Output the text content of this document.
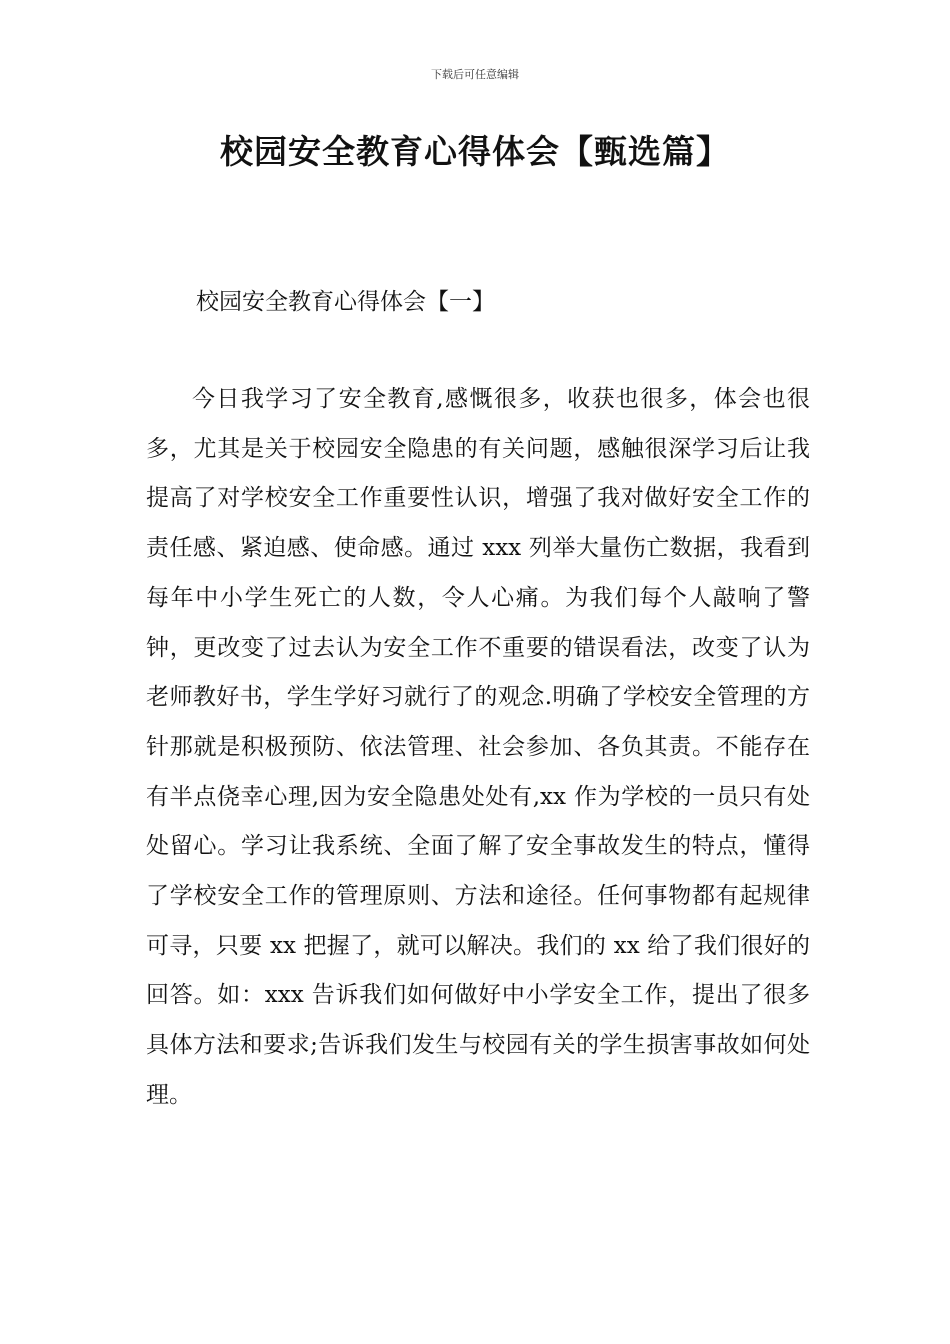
下载后可任意编辑
校园安全教育心得体会【甄选篇】

校园安全教育心得体会【一】

今日我学习了安全教育,感慨很多，收获也很多，体会也很多，尤其是关于校园安全隐患的有关问题，感触很深学习后让我提高了对学校安全工作重要性认识，增强了我对做好安全工作的责任感、紧迫感、使命感。通过 xxx 列举大量伤亡数据，我看到每年中小学生死亡的人数，令人心痛。为我们每个人敲响了警钟，更改变了过去认为安全工作不重要的错误看法，改变了认为老师教好书，学生学好习就行了的观念.明确了学校安全管理的方针那就是积极预防、依法管理、社会参加、各负其责。不能存在有半点侥幸心理,因为安全隐患处处有,xx 作为学校的一员只有处处留心。学习让我系统、全面了解了安全事故发生的特点，懂得了学校安全工作的管理原则、方法和途径。任何事物都有起规律可寻，只要 xx 把握了，就可以解决。我们的 xx 给了我们很好的回答。如：xxx 告诉我们如何做好中小学安全工作，提出了很多具体方法和要求;告诉我们发生与校园有关的学生损害事故如何处理。
